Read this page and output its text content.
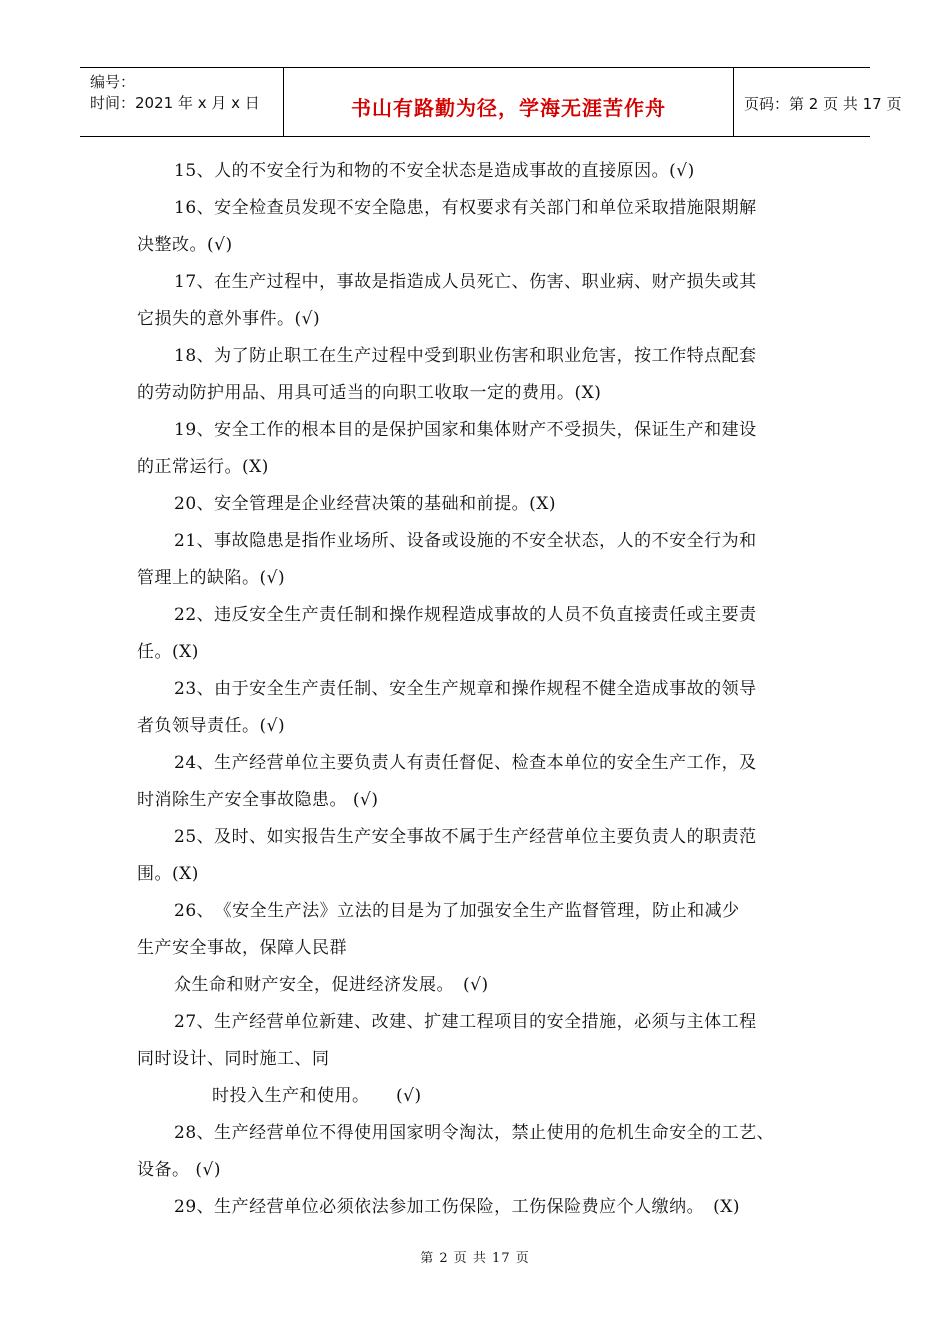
编号：
时间：2021 年 x 月 x 日	书山有路勤为径，学海无涯苦作舟	页码：第 2 页 共 17 页
15、人的不安全行为和物的不安全状态是造成事故的直接原因。(√)
16、安全检查员发现不安全隐患，有权要求有关部门和单位采取措施限期解
决整改。(√)
17、在生产过程中，事故是指造成人员死亡、伤害、职业病、财产损失或其
它损失的意外事件。(√)
18、为了防止职工在生产过程中受到职业伤害和职业危害，按工作特点配套
的劳动防护用品、用具可适当的向职工收取一定的费用。(X)
19、安全工作的根本目的是保护国家和集体财产不受损失，保证生产和建设
的正常运行。(X)
20、安全管理是企业经营决策的基础和前提。(X)
21、事故隐患是指作业场所、设备或设施的不安全状态，人的不安全行为和
管理上的缺陷。(√)
22、违反安全生产责任制和操作规程造成事故的人员不负直接责任或主要责
任。(X)
23、由于安全生产责任制、安全生产规章和操作规程不健全造成事故的领导
者负领导责任。(√)
24、生产经营单位主要负责人有责任督促、检查本单位的安全生产工作，及
时消除生产安全事故隐患。 (√)
25、及时、如实报告生产安全事故不属于生产经营单位主要负责人的职责范
围。(X)
26、　《安全生产法》立法的目是为了加强安全生产监督管理，防止和减少
生产安全事故，保障人民群
众生命和财产安全，促进经济发展。　(√)
27、生产经营单位新建、改建、扩建工程项目的安全措施，必须与主体工程
同时设计、同时施工、同
时投入生产和使用。　　(√)
28、生产经营单位不得使用国家明令淘汰，禁止使用的危机生命安全的工艺、
设备。 (√)
29、生产经营单位必须依法参加工伤保险，工伤保险费应个人缴纳。　(X)
第 2 页 共 17 页
